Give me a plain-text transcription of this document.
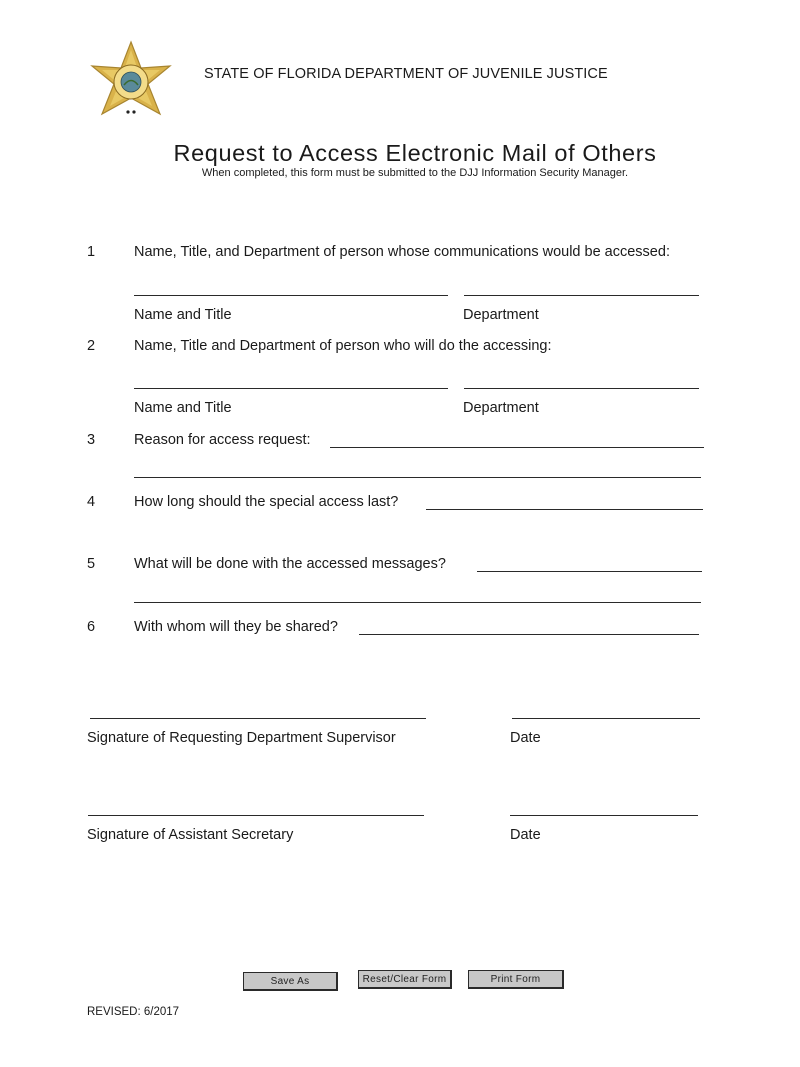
STATE OF FLORIDA DEPARTMENT OF JUVENILE JUSTICE
Request to Access Electronic Mail of Others
When completed, this form must be submitted to the DJJ Information Security Manager.
1	Name, Title, and Department of person whose communications would be accessed:
Name and Title	Department
2	Name, Title and Department of person who will do the accessing:
Name and Title	Department
3	Reason for access request:
4	How long should the special access last?
5	What will be done with the accessed messages?
6	With whom will they be shared?
Signature of Requesting Department Supervisor	Date
Signature of Assistant Secretary	Date
Save As	Reset/Clear Form	Print Form
REVISED: 6/2017
